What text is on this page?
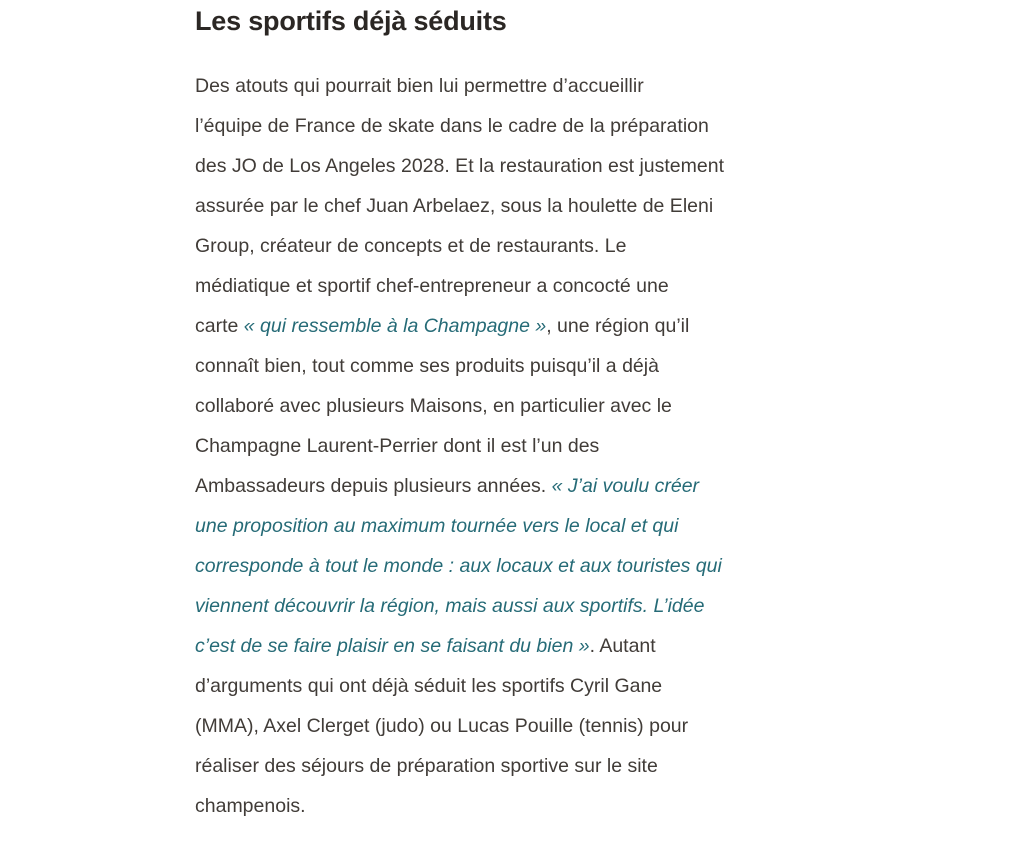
Les sportifs déjà séduits
Des atouts qui pourrait bien lui permettre d’accueillir
l’équipe de France de skate dans le cadre de la préparation
des JO de Los Angeles 2028. Et la restauration est justement
assurée par le chef Juan Arbelaez, sous la houlette de Eleni
Group, créateur de concepts et de restaurants. Le
médiatique et sportif chef-entrepreneur a concocté une
carte « qui ressemble à la Champagne », une région qu’il
connaît bien, tout comme ses produits puisqu’il a déjà
collaboré avec plusieurs Maisons, en particulier avec le
Champagne Laurent-Perrier dont il est l’un des
Ambassadeurs depuis plusieurs années. « J’ai voulu créer
une proposition au maximum tournée vers le local et qui
corresponde à tout le monde : aux locaux et aux touristes qui
viennent découvrir la région, mais aussi aux sportifs. L’idée
c’est de se faire plaisir en se faisant du bien ». Autant
d’arguments qui ont déjà séduit les sportifs Cyril Gane
(MMA), Axel Clerget (judo) ou Lucas Pouille (tennis) pour
réaliser des séjours de préparation sportive sur le site
champenois.
